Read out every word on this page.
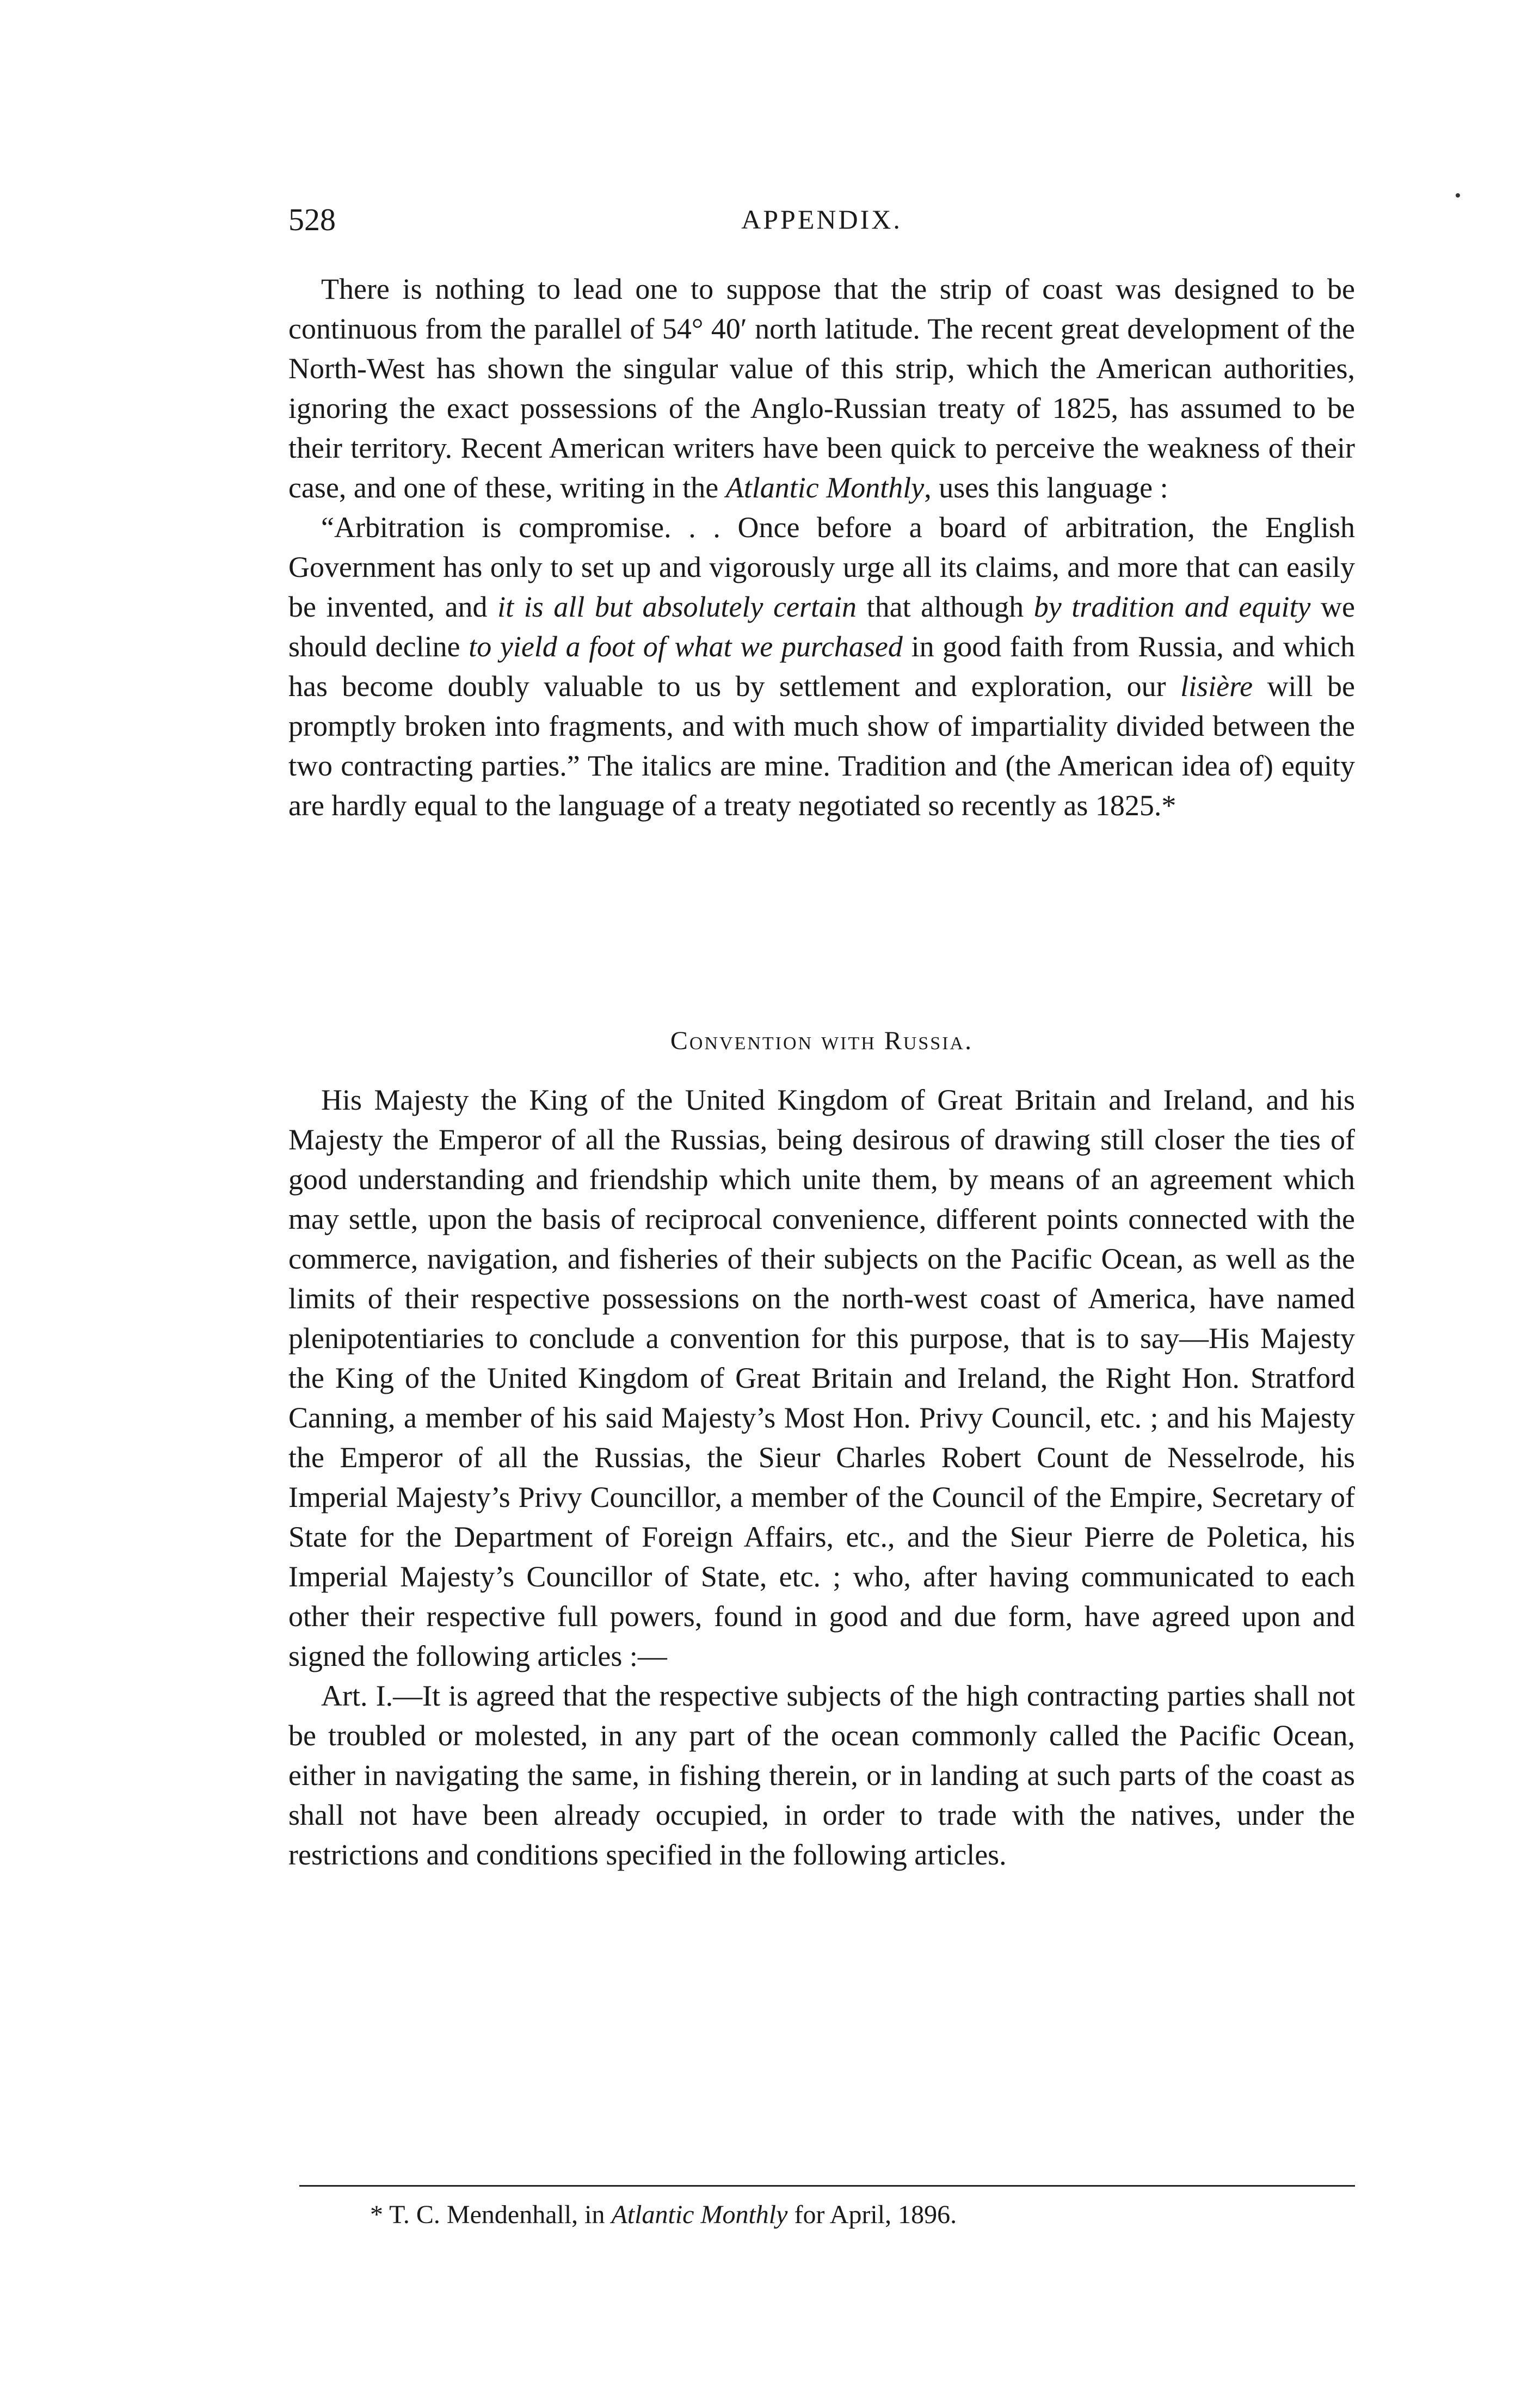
528	APPENDIX.

There is nothing to lead one to suppose that the strip of coast was designed to be continuous from the parallel of 54° 40′ north latitude. The recent great development of the North-West has shown the singular value of this strip, which the American authorities, ignoring the exact possessions of the Anglo-Russian treaty of 1825, has assumed to be their territory. Recent American writers have been quick to perceive the weakness of their case, and one of these, writing in the Atlantic Monthly, uses this language :

“Arbitration is compromise. . . Once before a board of arbitration, the English Government has only to set up and vigorously urge all its claims, and more that can easily be invented, and it is all but absolutely certain that although by tradition and equity we should decline to yield a foot of what we purchased in good faith from Russia, and which has become doubly valuable to us by settlement and exploration, our lisière will be promptly broken into fragments, and with much show of impartiality divided between the two contracting parties.” The italics are mine. Tradition and (the American idea of) equity are hardly equal to the language of a treaty negotiated so recently as 1825.*

Convention with Russia.

His Majesty the King of the United Kingdom of Great Britain and Ireland, and his Majesty the Emperor of all the Russias, being desirous of drawing still closer the ties of good understanding and friendship which unite them, by means of an agreement which may settle, upon the basis of reciprocal convenience, different points connected with the commerce, navigation, and fisheries of their subjects on the Pacific Ocean, as well as the limits of their respective possessions on the north-west coast of America, have named plenipotentiaries to conclude a convention for this purpose, that is to say—His Majesty the King of the United Kingdom of Great Britain and Ireland, the Right Hon. Stratford Canning, a member of his said Majesty’s Most Hon. Privy Council, etc. ; and his Majesty the Emperor of all the Russias, the Sieur Charles Robert Count de Nesselrode, his Imperial Majesty’s Privy Councillor, a member of the Council of the Empire, Secretary of State for the Department of Foreign Affairs, etc., and the Sieur Pierre de Poletica, his Imperial Majesty’s Councillor of State, etc. ; who, after having communicated to each other their respective full powers, found in good and due form, have agreed upon and signed the following articles :—

Art. I.—It is agreed that the respective subjects of the high contracting parties shall not be troubled or molested, in any part of the ocean commonly called the Pacific Ocean, either in navigating the same, in fishing therein, or in landing at such parts of the coast as shall not have been already occupied, in order to trade with the natives, under the restrictions and conditions specified in the following articles.

* T. C. Mendenhall, in Atlantic Monthly for April, 1896.
